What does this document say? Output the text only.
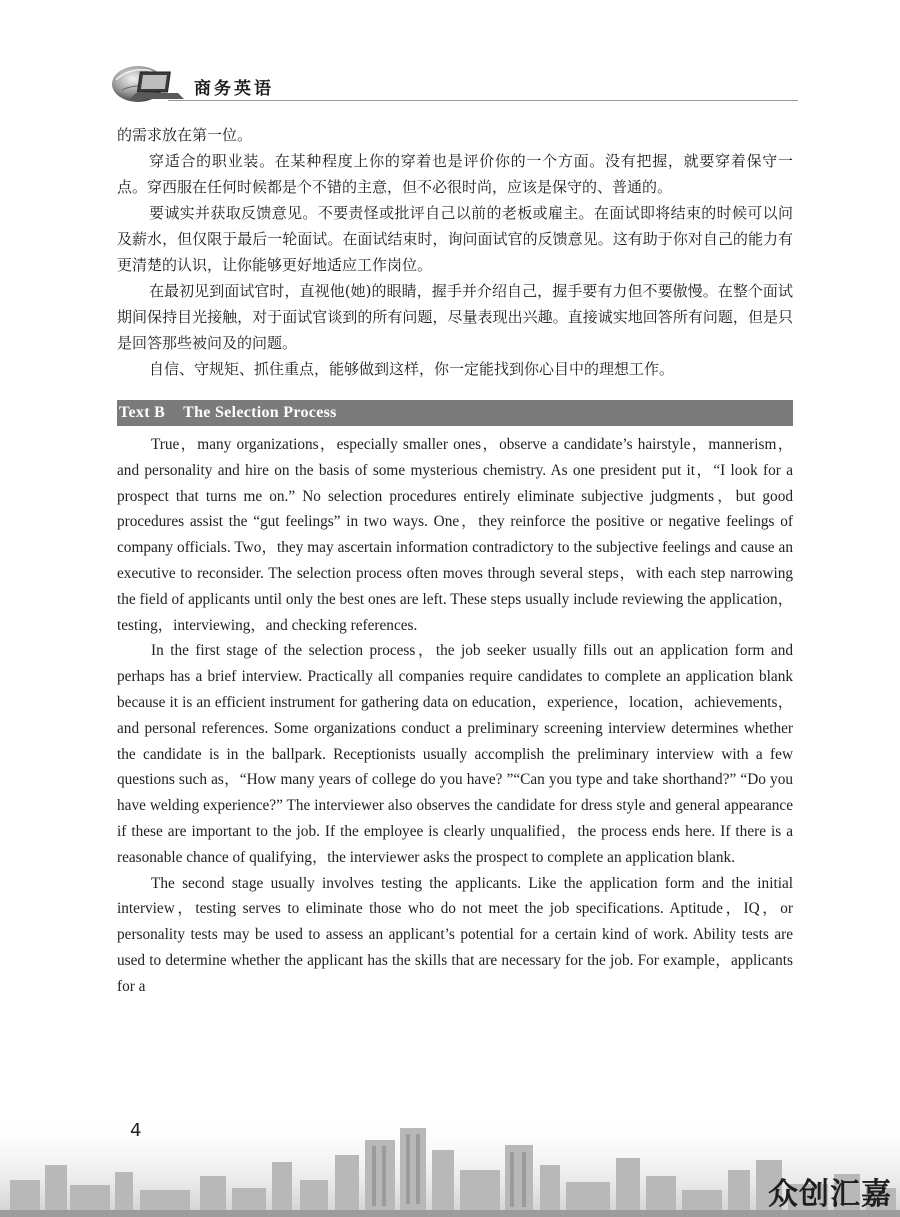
商务英语

的需求放在第一位。

穿适合的职业装。在某种程度上你的穿着也是评价你的一个方面。没有把握，就要穿着保守一点。穿西服在任何时候都是个不错的主意，但不必很时尚，应该是保守的、普通的。

要诚实并获取反馈意见。不要责怪或批评自己以前的老板或雇主。在面试即将结束的时候可以问及薪水，但仅限于最后一轮面试。在面试结束时，询问面试官的反馈意见。这有助于你对自己的能力有更清楚的认识，让你能够更好地适应工作岗位。

在最初见到面试官时，直视他(她)的眼睛，握手并介绍自己，握手要有力但不要傲慢。在整个面试期间保持目光接触，对于面试官谈到的所有问题，尽量表现出兴趣。直接诚实地回答所有问题，但是只是回答那些被问及的问题。

自信、守规矩、抓住重点，能够做到这样，你一定能找到你心目中的理想工作。

Text B The Selection Process

True，many organizations，especially smaller ones，observe a candidate’s hairstyle，mannerism，and personality and hire on the basis of some mysterious chemistry. As one president put it，“I look for a prospect that turns me on.” No selection procedures entirely eliminate subjective judgments，but good procedures assist the “gut feelings” in two ways. One，they reinforce the positive or negative feelings of company officials. Two，they may ascertain information contradictory to the subjective feelings and cause an executive to reconsider. The selection process often moves through several steps，with each step narrowing the field of applicants until only the best ones are left. These steps usually include reviewing the application，testing，interviewing，and checking references.

In the first stage of the selection process，the job seeker usually fills out an application form and perhaps has a brief interview. Practically all companies require candidates to complete an application blank because it is an efficient instrument for gathering data on education，experience，location，achievements，and personal references. Some organizations conduct a preliminary screening interview determines whether the candidate is in the ballpark. Receptionists usually accomplish the preliminary interview with a few questions such as，“How many years of college do you have? ”“Can you type and take shorthand?” “Do you have welding experience?” The interviewer also observes the candidate for dress style and general appearance if these are important to the job. If the employee is clearly unqualified，the process ends here. If there is a reasonable chance of qualifying，the interviewer asks the prospect to complete an application blank.

The second stage usually involves testing the applicants. Like the application form and the initial interview，testing serves to eliminate those who do not meet the job specifications. Aptitude，IQ，or personality tests may be used to assess an applicant’s potential for a certain kind of work. Ability tests are used to determine whether the applicant has the skills that are necessary for the job. For example，applicants for a

4
众创汇嘉
